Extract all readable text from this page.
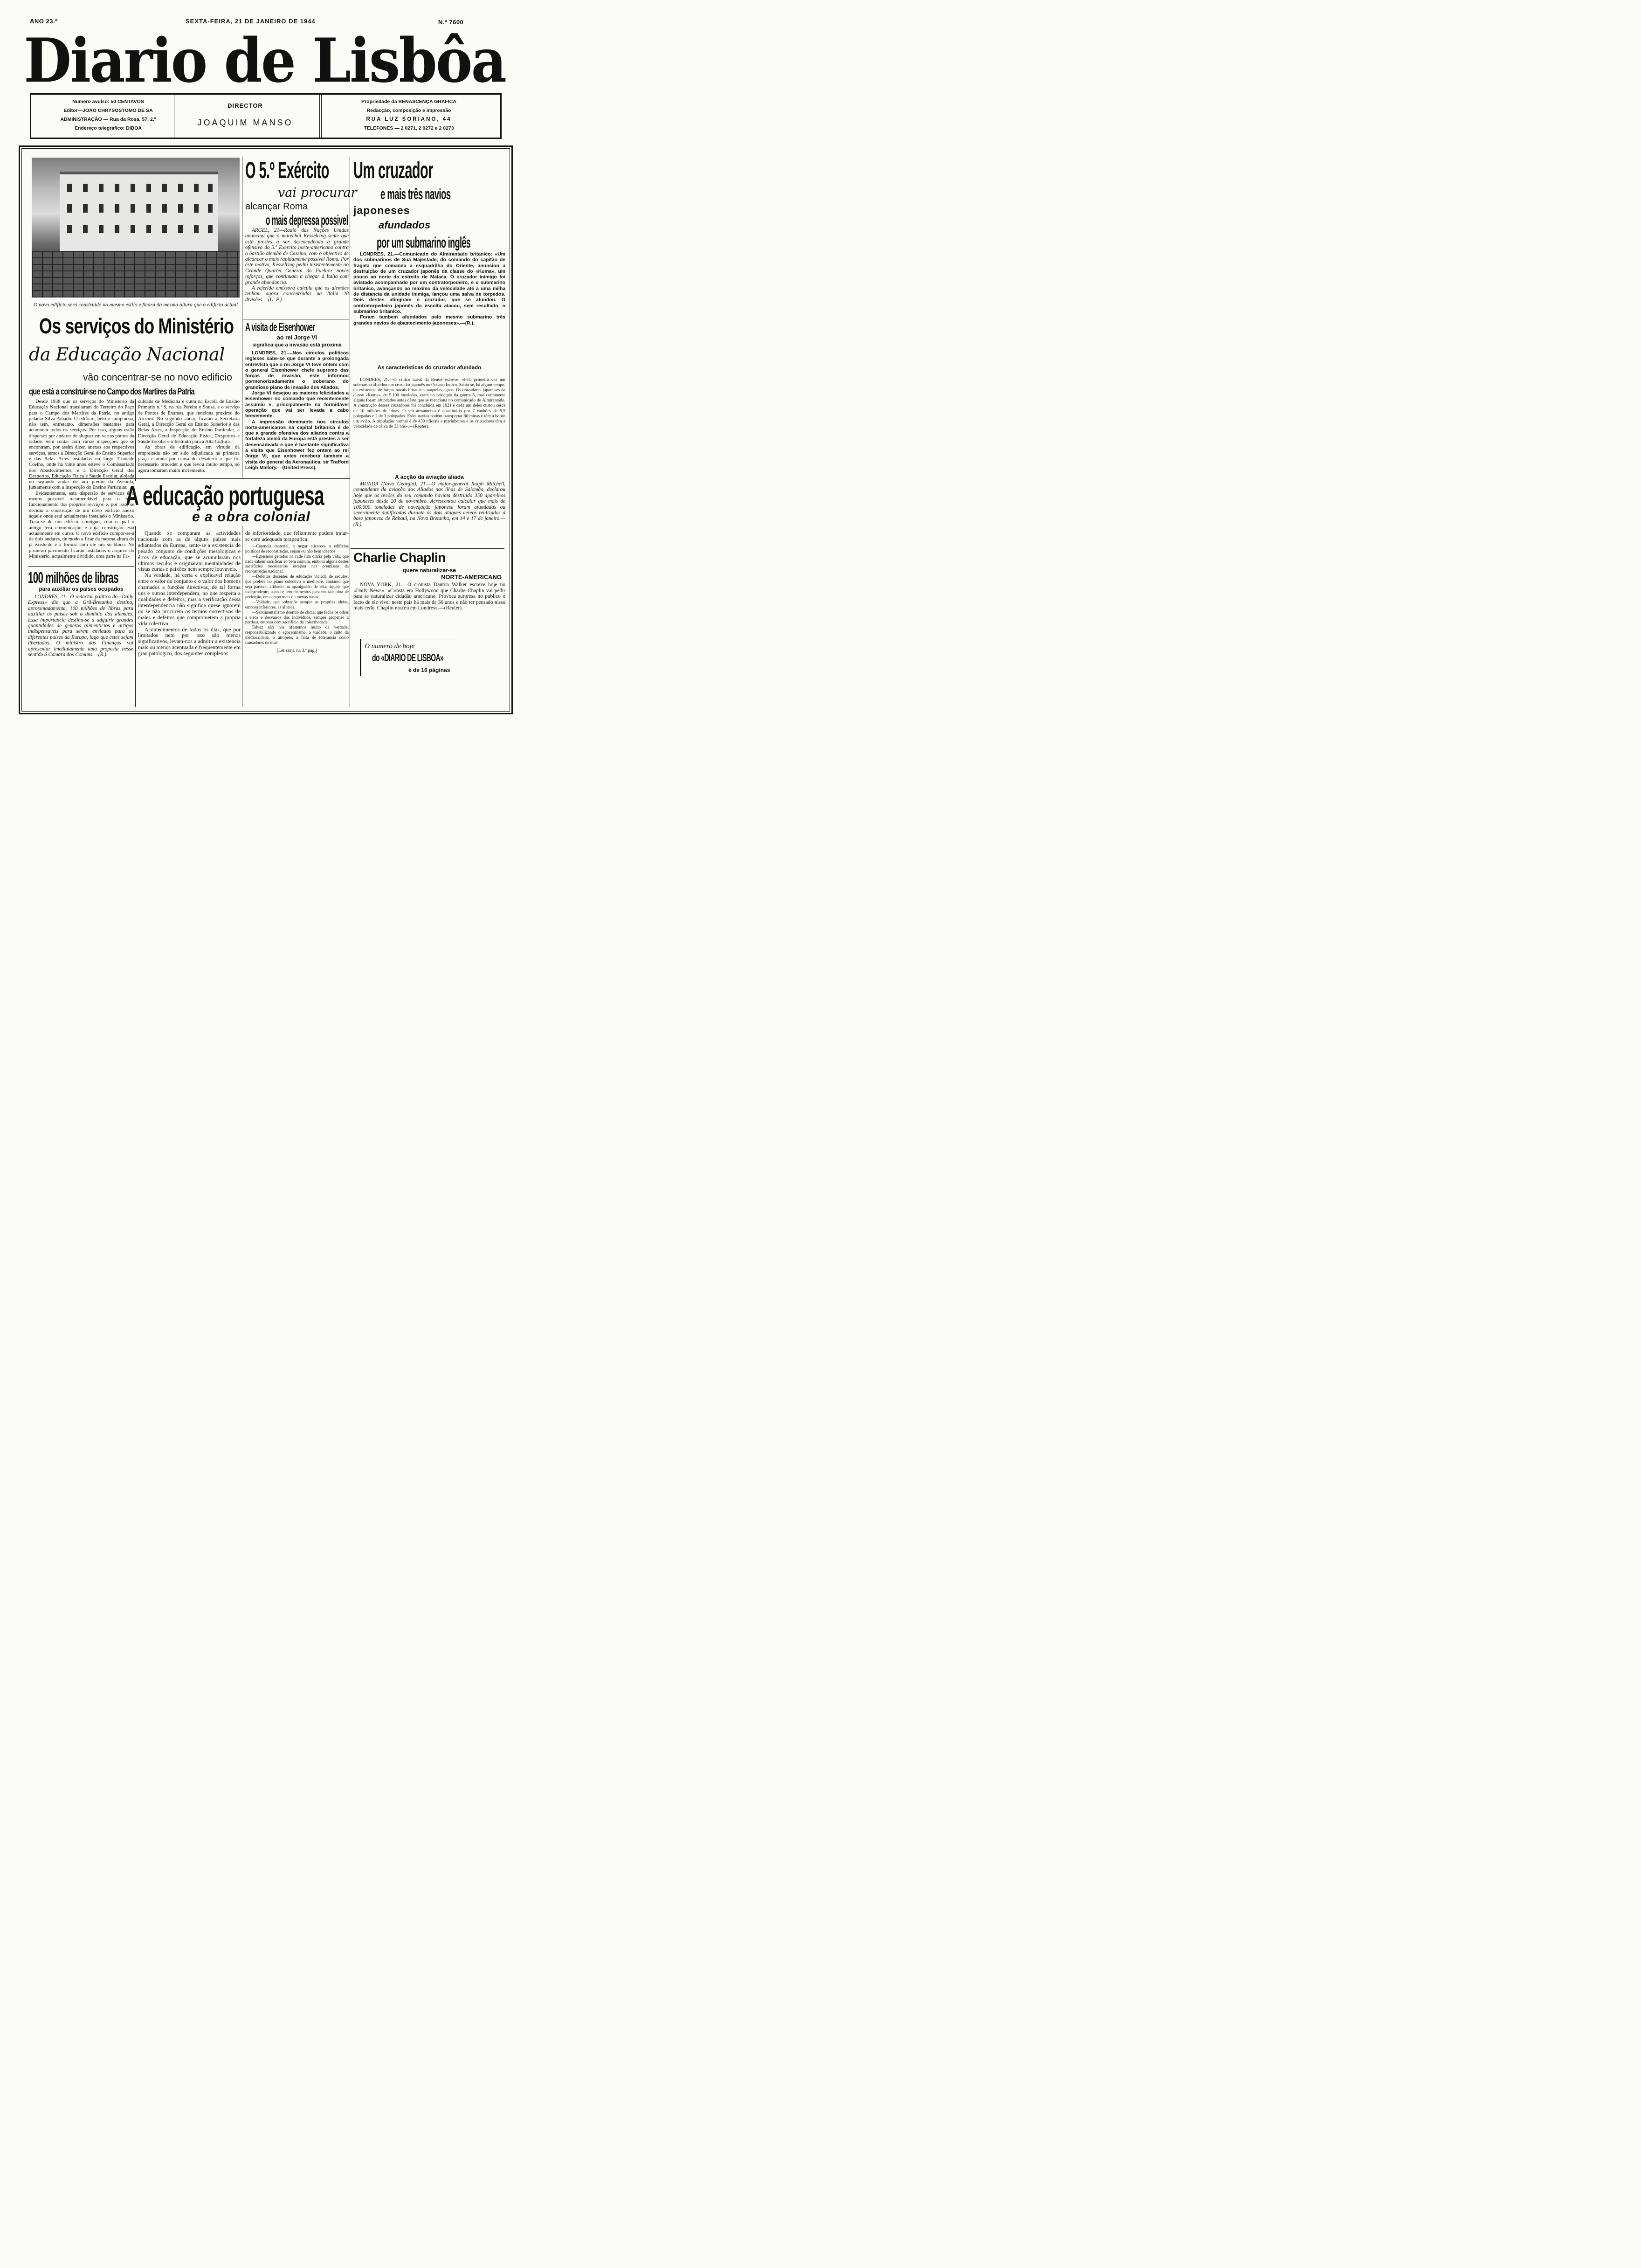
ANO 23.º	SEXTA-FEIRA, 21 DE JANEIRO DE 1944	N.º 7600
Diario de Lisbôa
Numero avulso: 50 CENTAVOS
Editor—JOÃO CHRYSOSTOMO DE SA
ADMINISTRAÇÃO — Rua da Rosa, 57, 2.º
Endereço telegrafico: DIBOA
DIRECTOR
JOAQUIM MANSO
Propriedade da RENASCENÇA GRAFICA
Redacção, composição e impressão
RUA LUZ SORIANO, 44
TELEFONES — 2 0271, 2 0272 e 2 0273
O novo edificio será construido no mesmo estilo e ficará da mesma altura que o edificio actual
Os serviços do Ministério
da Educação Nacional
vão concentrar-se no novo edificio
que está a construir-se no Campo dos Martires da Patria

Desde 1938 que os serviços do Ministerio da Educação Nacional transitaram do Terreiro do Paço para o Campo dos Martires da Patria, no antigo palacio Silva Amado. O edificio, belo e sumptuoso, não tem, entretanto, dimensões bastantes para acomodar todos os serviços. Por isso, alguns estão dispersos por andares de aluguer em varios pontos da cidade. Sem contar com varias inspecções que se encontram, por assim dizer, anexas aos respectivos serviços, temos a Direcção Geral do Ensino Superior e das Belas Artes instaladas no largo Trindade Coelho, onde há vinte anos esteve o Comissariado dos Abastecimentos, e a Direcção Geral dos Desportos, Educação Fisica e Saude Escolar, alojada no segundo andar de um predio da Avenida, juntamente com a Inspecção do Ensino Particular.

Evidentemente, esta dispersão de serviços é o menos possivel recomendável para o bom funcionamento dos proprios serviços e, por isso, se decidiu a construção de um novo edificio anexo áquele onde está actualmente instalado o Ministerio. Trata-se de um edificio contiguo, com o qual o antigo terá comunicação e cuja construção está actualmente em curso. O novo edificio compor-se-á de dois andares, de modo a ficar da mesma altura do já existente e a formar com ele um só bloco. No primeiro pavimento ficarão instalados o arquivo do Ministerio, actualmente dividido, uma parte na Fa-

culdade de Medicina e outra na Escola de Ensino Primario n.º 9, na rua Pereira e Sousa, e o serviço de Pontos de Exames, que funciona proximo do Arceiro. No segundo andar, ficarão a Secretaria Geral, a Direcção Geral do Ensino Superior e das Belas Artes, a Inspecção do Ensino Particular, a Direcção Geral de Educação Fisica, Desportos e Saude Escolar e o Instituto para a Alta Cultura.

As obras de edificação, em virtude da empreitada não ter sido adjudicada na primeira praça e ainda por causa do desaterro a que foi necessario proceder e que levou muito tempo, só agora tomaram maior incremento.

100 milhões de libras
para auxiliar os países ocupados

LONDRES, 21—O redactor politico do «Daily Express» diz que a Grã-Bretanha destina, aproximadamente, 100 milhões de libras para auxiliar os paises sob o dominio dos alemães. Essa importancia destina-se a adquirir grandes quantidades de generos alimenticios e artigos indispensaveis para serem enviados para os diferentes paises da Europa, logo que estes sejam libertados. O ministro das Finanças vai apresentar imediatamente uma proposta nesse sentido á Camara dos Comuns.—(R.).

O 5.º Exército
vai procurar
alcançar Roma
o mais depressa possivel

ARGEL, 21—Radio das Nações Unidas anunciou que o marechal Kesselring sente que está prestes a ser desencadeada a grande ofensiva do 5.º Exercito norte-americano contra o bastião alemão de Cassino, com o objectivo de alcançar o mais rapidamente possivel Roma. Por este motivo, Kesselring pediu insistentemente ao Grande Quartel General do Fuehrer novos reforços, que continuam a chegar á Italia com grande abundancia.

A referida emissora calcula que os alemães tenham agora concentradas na Italia 28 divisões.—(U. P.).

A visita de Eisenhower
ao rei Jorge VI
significa que a invasão está proxima

LONDRES, 21.—Nos circulos politicos ingleses sabe-se que durante a prolongada entrevista que o rei Jorge VI teve ontem com o general Eisenhower chefe supremo das forças de invasão, este informou pormenorizadamente o soberano do grandioso plano de invasão dos Aliados.

Jorge VI desejou as maiores felicidades a Eisenhower no comando que recentemente assumiu e, principalmente na formidavel operação que vai ser levada a cabo brevemente.

A impressão dominante nos circulos norte-americanos na capital britanica é de que a grande ofensiva dos aliados contra a fortaleza alemã da Europa está prestes a ser desencadeada e que é bastante significativa a visita que Eisenhower fez ontem ao rei Jorge VI, que antes recebera tambem a visita do general da Aeronautica, sir Trafford Leigh Mallory.—(United Press).

Um cruzador
e mais três navios
japoneses
afundados
por um submarino inglês

LONDRES, 21.—Comunicado do Almirantado britanico: «Um dos submarinos de Sua Majestade, do comando do capitão de fragata que comanda a esquadrilha do Oriente, anunciou a destruição de um cruzador japonês da classe do «Kuma», um pouco ao norte do estreito de Malaca. O cruzador inimigo foi avistado acompanhado por um contratorpedeiro, e o submarino britanico, avançando ao maximo da velocidade até a uma milha de distancia da unidade inimiga, lançou uma salva de torpedos. Dois destes atingiram o cruzador, que se afundou. O contratorpedeiro japonês da escolta atacou, sem resultado, o submarino britanico.

Foram tambem afundados pelo mesmo submarino três grandes navios de abastecimento japoneses».—(R.).

As caracteristicas do cruzador afundado

LONDRES, 21.—O critico naval da Reuter escreve: «Pela primeira vez um submarino afundou um cruzador japonês no Oceano Indico. Sabia-se, há algum tempo, da existencia de forças navais britanicas naquelas aguas. Os cruzadores japoneses da classe «Kuma», de 5.100 toneladas, eram no principio da guerra 5, mas certamente alguns foram afundados antes dêste que se menciona no comunicado do Almirantado. A construção desses cruzadores foi concluida em 1921 e cada um deles custou cêrca de 10 milhões de libras. O seu armamento é constituido por 7 canhões de 5,5 polegadas e 2 de 3 polegadas. Estes navios podem transportar 80 minas e têm a bordo um avião. A tripulação normal é de 439 oficiais e marinheiros e os cruzadores têm a velocidade de cêrca de 33 nós».—(Reuter).

A acção da aviação aliada

MUNDA (Nova Georgia), 21.—O major-general Ralph Mitchell, comandante da aviação dos Aliados nas ilhas de Salomão, declarou hoje que os aviões do seu comando haviam destruido 350 aparelhos japoneses desde 20 de novembro. Acrescentou calcular que mais de 100.000 toneladas de navegação japonesa foram afundadas ou severamente danificadas durante os dois ataques aereos realizados á base japonesa de Rabaul, na Nova Bretanha, em 14 e 17 de janeiro.—(R.).

Charlie Chaplin
quere naturalizar-se
NORTE-AMERICANO

NOVA YORK, 21.—O cronista Danton Walker escreve hoje no «Daily News»: «Consta em Hollywood que Charlie Chaplin vai pedir para se naturalizar cidadão americano. Provoca surpresa no publico o facto de ele viver neste país há mais de 30 anos e não ter pensado nisso mais cedo. Chaplin nasceu em Londres».—(Reuter).

O numero de hoje
do «DIARIO DE LISBOA»
é de 16 páginas
A educação portuguesa
e a obra colonial

Quando se comparam as actividades nacionais com as de alguns países mais adiantados da Europa, sente-se a existencia de pesado conjunto de condições mesologicas e êrros de educação, que se acumularam nos ultimos seculos e originaram mentalidades de vistas curtas e paixões nem sempre louvaveis.

Na verdade, há certa e explicavel relação entre o valor do conjunto e o valor dos homens chamados a funções directivas, de tal forma uns e outros interdependem, no que respeita a qualidades e defeitos, mas a verificação dessa interdependencia não significa quese ignorem ou se não procurem os termos correctivos de males e defeitos que comprometem a propria vida colectiva.

Acontecimentos de todos os dias, que por limitados nem por isso são menos significativos, levam-nos a admitir a existencia mais ou menos acentuada e frequentemente em grau patologico, dos seguintes complexos

de inferioridade, que felizmente podem tratar-se com adequada terapeutica:

—Carencia material, a negar alicerces a edificios politicos de reconstrução, sejam ou não bem ideados.

—Egoismos gerados na rude luta diaria pela vida, que nada sabem sacrificar ao bem comum, embora alguns destes sacrificios necessarios estejam nas premissas da reconstrução nacional.

—Defeitos docentes de educação viciada de seculos, que prefere no plano colectivo o mediocre, contanto que seja parente, afilhado ou apaniguado de sêla, áquele que independente, sonha e tem elementos para realizar obra de perfeição, em campo mais ou menos vasto.

—Vaidade, que sobrepõe sempre as proprias ideias, embora inferiores, ás alheias.

—Sentimentalismo doentio de clima, que fecha os olhos a erros e desvairos dos individuos, sempre propenso a perdoar, embora com sacrificio da colectividade.

Talvez não nos afastemos muito da verdade, responsabilizando o egocentrismo, a vaidade, o culto da mediocridade, o atropelo, a falta de tolerancia como causadores de mui-

(Lêr cont. na 3.ª pag.)
